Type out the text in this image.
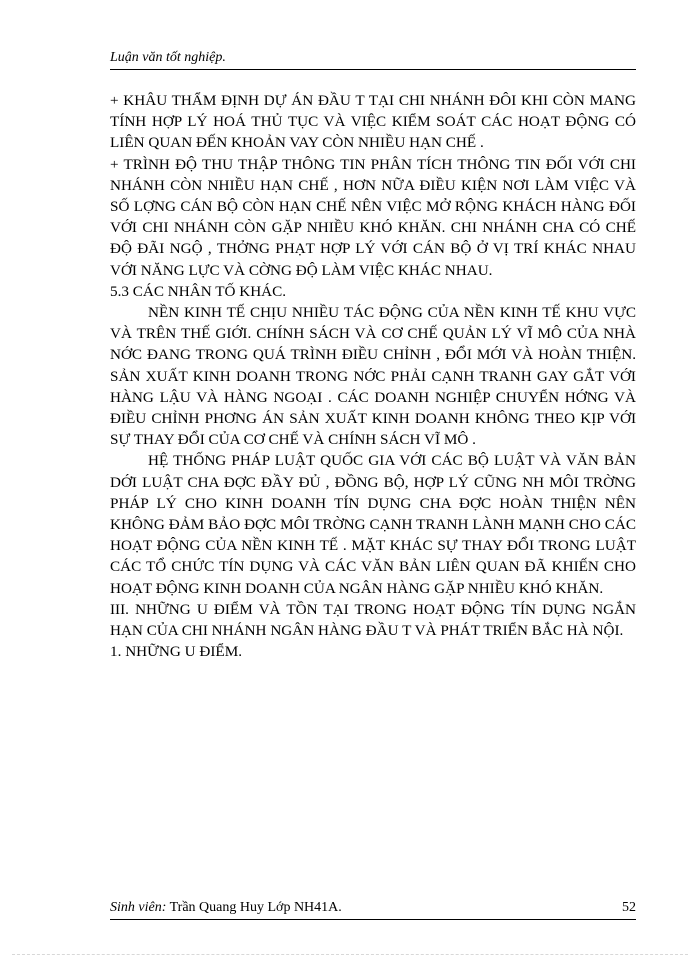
Luận văn tốt nghiệp.

+ KHÂU THẨM ĐỊNH DỰ ÁN ĐẦU T TẠI CHI NHÁNH ĐÔI KHI CÒN MANG TÍNH HỢP LÝ HOÁ THỦ TỤC VÀ VIỆC KIỂM SOÁT CÁC HOẠT ĐỘNG CÓ LIÊN QUAN ĐẾN KHOẢN VAY CÒN NHIỀU HẠN CHẾ .

+ TRÌNH ĐỘ THU THẬP THÔNG TIN PHÂN TÍCH THÔNG TIN ĐỐI VỚI CHI NHÁNH CÒN NHIỀU HẠN CHẾ , HƠN NỮA ĐIỀU KIỆN NƠI LÀM VIỆC VÀ SỐ LỢNG CÁN BỘ CÒN HẠN CHẾ NÊN VIỆC MỞ RỘNG KHÁCH HÀNG ĐỐI VỚI CHI NHÁNH CÒN GẶP NHIỀU KHÓ KHĂN. CHI NHÁNH CHA CÓ CHẾ ĐỘ ĐÃI NGỘ , THỞNG PHẠT HỢP LÝ VỚI CÁN BỘ Ở VỊ TRÍ KHÁC NHAU VỚI NĂNG LỰC VÀ CỜNG ĐỘ LÀM VIỆC KHÁC NHAU.

5.3 CÁC NHÂN TỐ KHÁC.

NỀN KINH TẾ CHỊU NHIỀU TÁC ĐỘNG CỦA NỀN KINH TẾ KHU VỰC VÀ TRÊN THẾ GIỚI. CHÍNH SÁCH VÀ CƠ CHẾ QUẢN LÝ VĨ MÔ CỦA NHÀ NỚC ĐANG TRONG QUÁ TRÌNH ĐIỀU CHỈNH , ĐỔI MỚI VÀ HOÀN THIỆN. SẢN XUẤT KINH DOANH TRONG NỚC PHẢI CẠNH TRANH GAY GẮT VỚI HÀNG LẬU VÀ HÀNG NGOẠI . CÁC DOANH NGHIỆP CHUYỂN HỚNG VÀ ĐIỀU CHỈNH PHƠNG ÁN SẢN XUẤT KINH DOANH KHÔNG THEO KỊP VỚI SỰ THAY ĐỔI CỦA CƠ CHẾ VÀ CHÍNH SÁCH VĨ MÔ .

HỆ THỐNG PHÁP LUẬT QUỐC GIA VỚI CÁC BỘ LUẬT VÀ VĂN BẢN DỚI LUẬT CHA ĐỢC ĐẦY ĐỦ , ĐỒNG BỘ, HỢP LÝ CŨNG NH MÔI TRỜNG PHÁP LÝ CHO KINH DOANH TÍN DỤNG CHA ĐỢC HOÀN THIỆN NÊN KHÔNG ĐẢM BẢO ĐỢC MÔI TRỜNG CẠNH TRANH LÀNH MẠNH CHO CÁC HOẠT ĐỘNG CỦA NỀN KINH TẾ . MẶT KHÁC SỰ THAY ĐỔI TRONG LUẬT CÁC TỔ CHỨC TÍN DỤNG VÀ CÁC VĂN BẢN LIÊN QUAN ĐÃ KHIẾN CHO HOẠT ĐỘNG KINH DOANH CỦA NGÂN HÀNG GẶP NHIỀU KHÓ KHĂN.

III. NHỮNG U ĐIỂM VÀ TỒN TẠI TRONG HOẠT ĐỘNG TÍN DỤNG NGẮN HẠN CỦA CHI NHÁNH NGÂN HÀNG ĐẦU T VÀ PHÁT TRIỂN BẮC HÀ NỘI.

1. NHỮNG U ĐIỂM.

Sinh viên: Trần Quang Huy Lớp NH41A.	52
